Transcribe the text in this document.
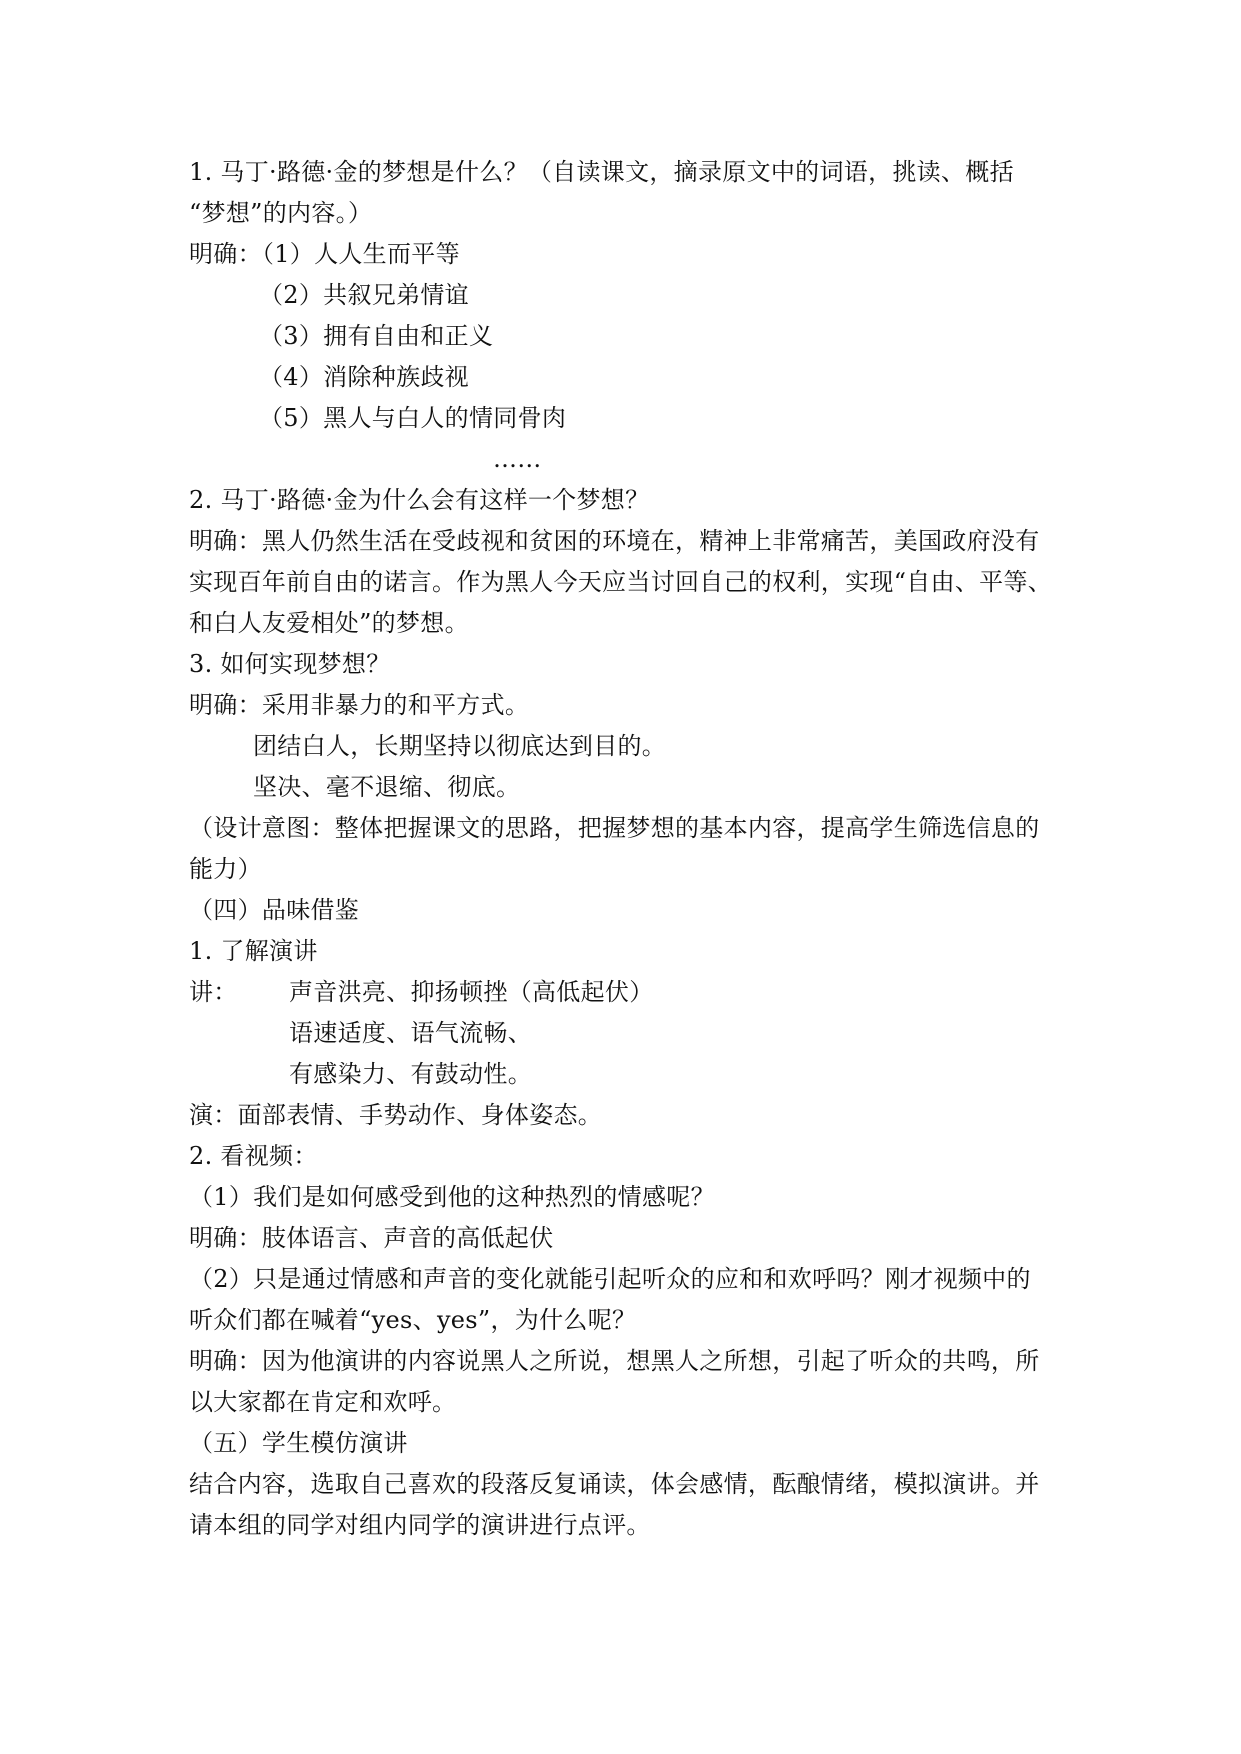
1. 马丁·路德·金的梦想是什么？（自读课文，摘录原文中的词语，挑读、概括
“梦想”的内容。）
明确：（1）人人生而平等
（2）共叙兄弟情谊
（3）拥有自由和正义
（4）消除种族歧视
（5）黑人与白人的情同骨肉
……
2. 马丁·路德·金为什么会有这样一个梦想？
明确：黑人仍然生活在受歧视和贫困的环境在，精神上非常痛苦，美国政府没有
实现百年前自由的诺言。作为黑人今天应当讨回自己的权利，实现“自由、平等、
和白人友爱相处”的梦想。
3. 如何实现梦想？
明确：采用非暴力的和平方式。
团结白人，长期坚持以彻底达到目的。
坚决、毫不退缩、彻底。
（设计意图：整体把握课文的思路，把握梦想的基本内容，提高学生筛选信息的
能力）
（四）品味借鉴
1. 了解演讲
讲：	声音洪亮、抑扬顿挫（高低起伏）
语速适度、语气流畅、
有感染力、有鼓动性。
演：面部表情、手势动作、身体姿态。
2. 看视频：
（1）我们是如何感受到他的这种热烈的情感呢？
明确：肢体语言、声音的高低起伏
（2）只是通过情感和声音的变化就能引起听众的应和和欢呼吗？刚才视频中的
听众们都在喊着“yes、yes”，为什么呢？
明确：因为他演讲的内容说黑人之所说，想黑人之所想，引起了听众的共鸣，所
以大家都在肯定和欢呼。
（五）学生模仿演讲
结合内容，选取自己喜欢的段落反复诵读，体会感情，酝酿情绪，模拟演讲。并
请本组的同学对组内同学的演讲进行点评。
